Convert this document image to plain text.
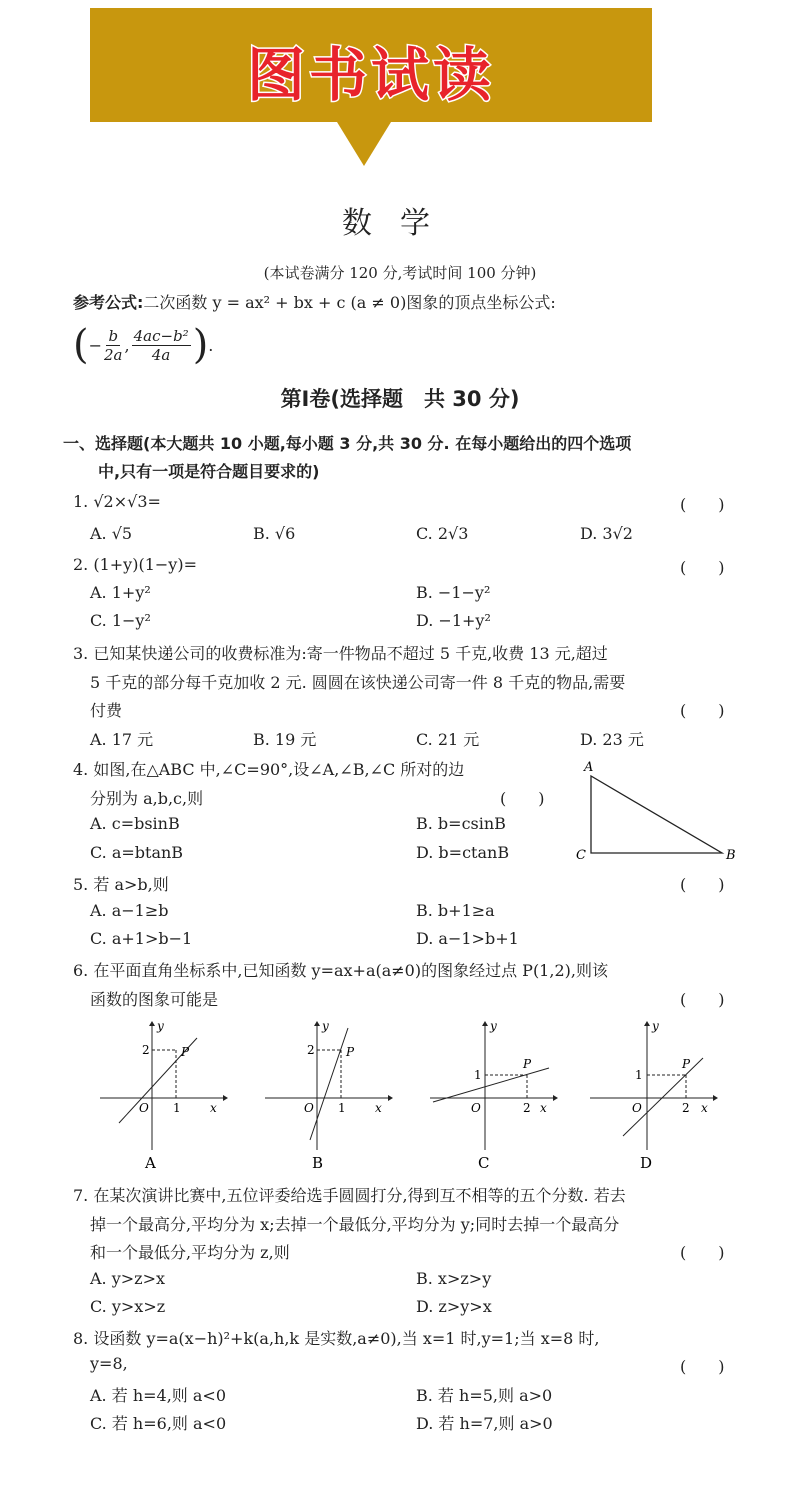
图书试读
数学
(本试卷满分 120 分,考试时间 100 分钟)
参考公式:二次函数 y = ax² + bx + c (a ≠ 0)图象的顶点坐标公式:
( − $\frac{b}{2a}$ , $\frac{\text{4ac−b²}}{4a}$ ) .
第Ⅰ卷(选择题　共 30 分)
一、选择题(本大题共 10 小题,每小题 3 分,共 30 分. 在每小题给出的四个选项
中,只有一项是符合题目要求的)
1. √2×√3=	(　　)
A. √5	B. √6	C. 2√3	D. 3√2
2. (1+y)(1−y)=	(　　)
A. 1+y²	B. −1−y²
C. 1−y²	D. −1+y²
3. 已知某快递公司的收费标准为:寄一件物品不超过 5 千克,收费 13 元,超过
5 千克的部分每千克加收 2 元. 圆圆在该快递公司寄一件 8 千克的物品,需要
付费	(　　)
A. 17 元	B. 19 元	C. 21 元	D. 23 元
4. 如图,在△ABC 中,∠C=90°,设∠A,∠B,∠C 所对的边
分别为 a,b,c,则	(　　)
A. c=bsinB	B. b=csinB
C. a=btanB	D. b=ctanB
A
C	B
5. 若 a>b,则	(　　)
A. a−1≥b	B. b+1≥a
C. a+1>b−1	D. a−1>b+1
6. 在平面直角坐标系中,已知函数 y=ax+a(a≠0)的图象经过点 P(1,2),则该
函数的图象可能是	(　　)
2
1
O	x
y
P
A
2
1
O	x
y
P
B
1
2
O	x
y
P
C
1
2
O	x
y
P
D
7. 在某次演讲比赛中,五位评委给选手圆圆打分,得到互不相等的五个分数. 若去
掉一个最高分,平均分为 x;去掉一个最低分,平均分为 y;同时去掉一个最高分
和一个最低分,平均分为 z,则	(　　)
A. y>z>x	B. x>z>y
C. y>x>z	D. z>y>x
8. 设函数 y=a(x−h)²+k(a,h,k 是实数,a≠0),当 x=1 时,y=1;当 x=8 时,
y=8,	(　　)
A. 若 h=4,则 a<0	B. 若 h=5,则 a>0
C. 若 h=6,则 a<0	D. 若 h=7,则 a>0
